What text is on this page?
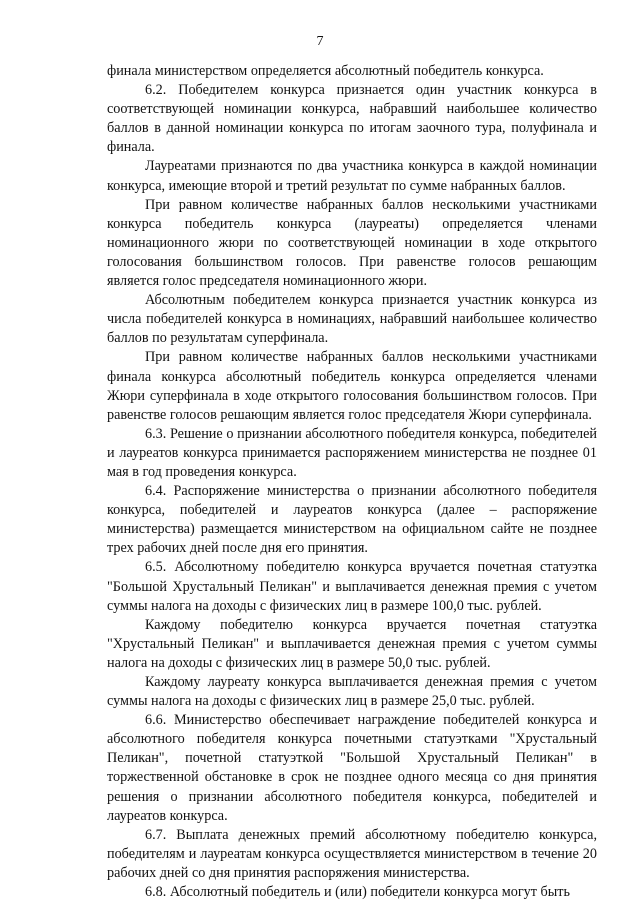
7

финала министерством определяется абсолютный победитель конкурса.

6.2. Победителем конкурса признается один участник конкурса в соответствующей номинации конкурса, набравший наибольшее количество баллов в данной номинации конкурса по итогам заочного тура, полуфинала и финала.

Лауреатами признаются по два участника конкурса в каждой номинации конкурса, имеющие второй и третий результат по сумме набранных баллов.

При равном количестве набранных баллов несколькими участниками конкурса победитель конкурса (лауреаты) определяется членами номинационного жюри по соответствующей номинации в ходе открытого голосования большинством голосов. При равенстве голосов решающим является голос председателя номинационного жюри.

Абсолютным победителем конкурса признается участник конкурса из числа победителей конкурса в номинациях, набравший наибольшее количество баллов по результатам суперфинала.

При равном количестве набранных баллов несколькими участниками финала конкурса абсолютный победитель конкурса определяется членами Жюри суперфинала в ходе открытого голосования большинством голосов. При равенстве голосов решающим является голос председателя Жюри суперфинала.

6.3. Решение о признании абсолютного победителя конкурса, победителей и лауреатов конкурса принимается распоряжением министерства не позднее 01 мая в год проведения конкурса.

6.4. Распоряжение министерства о признании абсолютного победителя конкурса, победителей и лауреатов конкурса (далее – распоряжение министерства) размещается министерством на официальном сайте не позднее трех рабочих дней после дня его принятия.

6.5. Абсолютному победителю конкурса вручается почетная статуэтка "Большой Хрустальный Пеликан" и выплачивается денежная премия с учетом суммы налога на доходы с физических лиц в размере 100,0 тыс. рублей.

Каждому победителю конкурса вручается почетная статуэтка "Хрустальный Пеликан" и выплачивается денежная премия с учетом суммы налога на доходы с физических лиц в размере 50,0 тыс. рублей.

Каждому лауреату конкурса выплачивается денежная премия с учетом суммы налога на доходы с физических лиц в размере 25,0 тыс. рублей.

6.6. Министерство обеспечивает награждение победителей конкурса и абсолютного победителя конкурса почетными статуэтками "Хрустальный Пеликан", почетной статуэткой "Большой Хрустальный Пеликан" в торжественной обстановке в срок не позднее одного месяца со дня принятия решения о признании абсолютного победителя конкурса, победителей и лауреатов конкурса.

6.7. Выплата денежных премий абсолютному победителю конкурса, победителям и лауреатам конкурса осуществляется министерством в течение 20 рабочих дней со дня принятия распоряжения министерства.

6.8. Абсолютный победитель и (или) победители конкурса могут быть
